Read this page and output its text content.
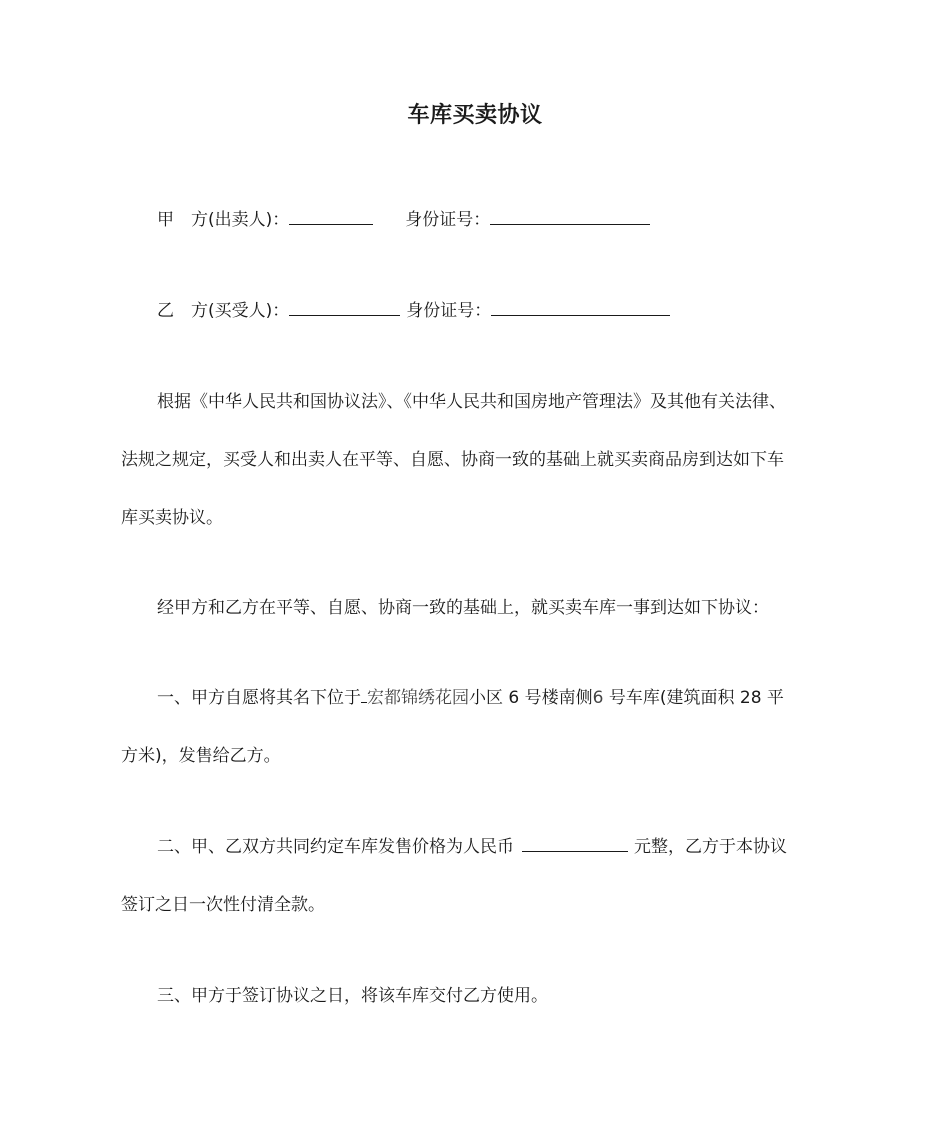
车库买卖协议
甲　方(出卖人)：	身份证号：
乙　方(买受人)：	身份证号：
根据《中华人民共和国协议法》、《中华人民共和国房地产管理法》及其他有关法律、
法规之规定，买受人和出卖人在平等、自愿、协商一致的基础上就买卖商品房到达如下车
库买卖协议。
经甲方和乙方在平等、自愿、协商一致的基础上，就买卖车库一事到达如下协议：
一、甲方自愿将其名下位于 宏都锦绣花园小区 6 号楼南侧6 号车库(建筑面积 28 平
方米)，发售给乙方。
二、甲、乙双方共同约定车库发售价格为人民币	元整，乙方于本协议
签订之日一次性付清全款。
三、甲方于签订协议之日，将该车库交付乙方使用。
